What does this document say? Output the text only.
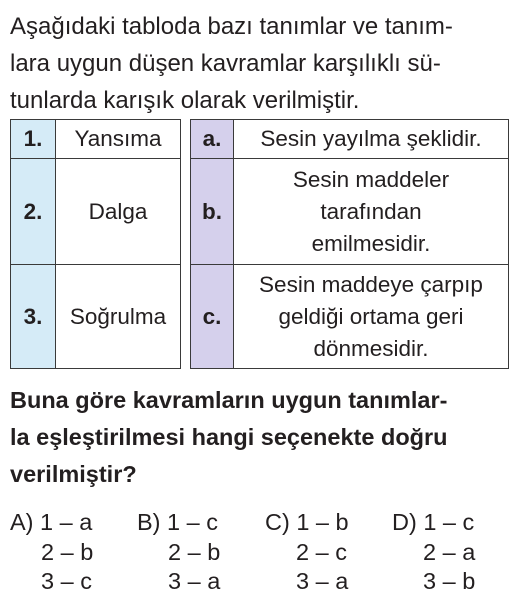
Aşağıdaki tabloda bazı tanımlar ve tanım-
lara uygun düşen kavramlar karşılıklı sü-
tunlarda karışık olarak verilmiştir.
1.	Yansıma
2.	Dalga
3.	Soğrulma
a.	Sesin yayılma şeklidir.

b.	Sesin maddeler
tarafından
emilmesidir.

c.	Sesin maddeye çarpıp
geldiği ortama geri
dönmesidir.
Buna göre kavramların uygun tanımlar-
la eşleştirilmesi hangi seçenekte doğru
verilmiştir?
A) 1 – a
2 – b
3 – c
B) 1 – c
2 – b
3 – a
C) 1 – b
2 – c
3 – a
D) 1 – c
2 – a
3 – b
